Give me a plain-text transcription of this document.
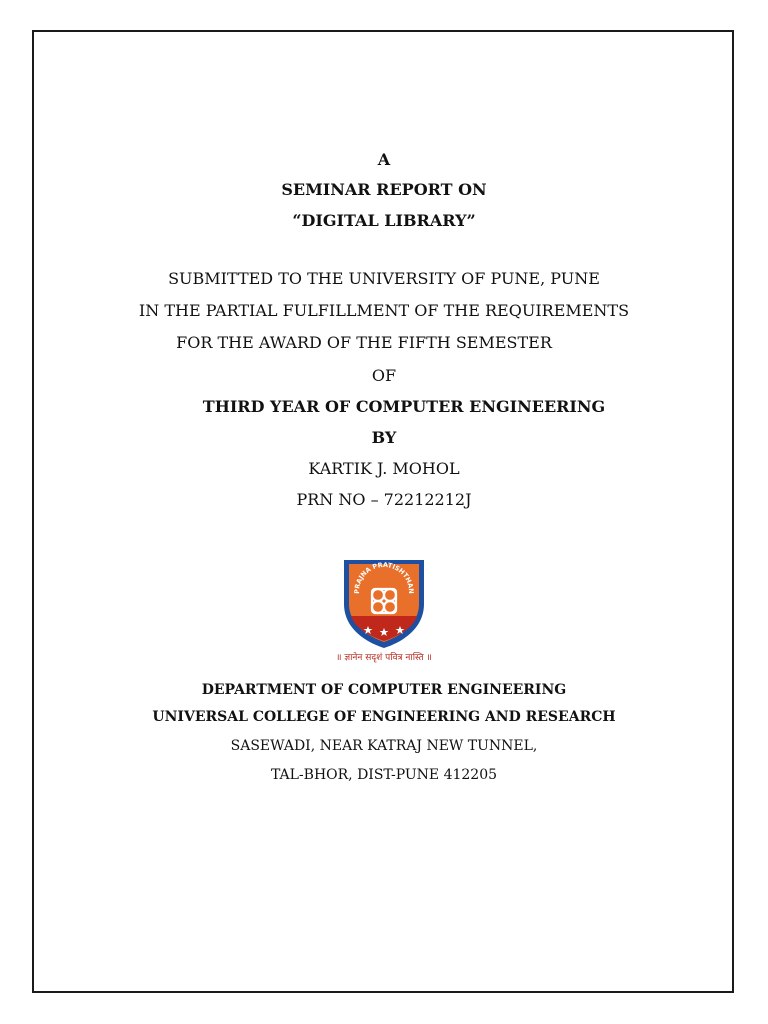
A
SEMINAR REPORT ON
“DIGITAL LIBRARY”
SUBMITTED TO THE UNIVERSITY OF PUNE, PUNE
IN THE PARTIAL FULFILLMENT OF THE REQUIREMENTS
FOR THE AWARD OF THE FIFTH SEMESTER
OF
THIRD YEAR OF COMPUTER ENGINEERING
BY
KARTIK J. MOHOL
PRN NO – 72212212J
PRAJNA PRATISHTHAN
॥ ज्ञानेन सदृशं पवित्र नास्ति ॥
DEPARTMENT OF COMPUTER ENGINEERING
UNIVERSAL COLLEGE OF ENGINEERING AND RESEARCH
SASEWADI, NEAR KATRAJ NEW TUNNEL,
TAL-BHOR, DIST-PUNE 412205
